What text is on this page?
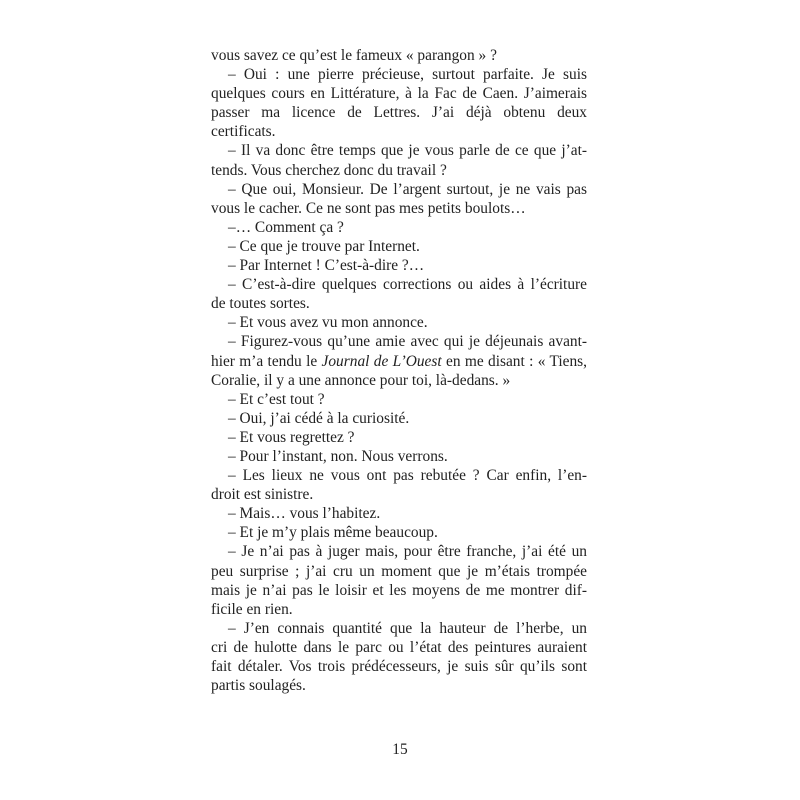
vous savez ce qu’est le fameux « parangon » ?
– Oui : une pierre précieuse, surtout parfaite. Je suis
quelques cours en Littérature, à la Fac de Caen. J’aimerais
passer ma licence de Lettres. J’ai déjà obtenu deux
certificats.
– Il va donc être temps que je vous parle de ce que j’at-
tends. Vous cherchez donc du travail ?
– Que oui, Monsieur. De l’argent surtout, je ne vais pas
vous le cacher. Ce ne sont pas mes petits boulots…
–… Comment ça ?
– Ce que je trouve par Internet.
– Par Internet ! C’est-à-dire ?…
– C’est-à-dire quelques corrections ou aides à l’écriture
de toutes sortes.
– Et vous avez vu mon annonce.
– Figurez-vous qu’une amie avec qui je déjeunais avant-
hier m’a tendu le Journal de L’Ouest en me disant : « Tiens,
Coralie, il y a une annonce pour toi, là-dedans. »
– Et c’est tout ?
– Oui, j’ai cédé à la curiosité.
– Et vous regrettez ?
– Pour l’instant, non. Nous verrons.
– Les lieux ne vous ont pas rebutée ? Car enfin, l’en-
droit est sinistre.
– Mais… vous l’habitez.
– Et je m’y plais même beaucoup.
– Je n’ai pas à juger mais, pour être franche, j’ai été un
peu surprise ; j’ai cru un moment que je m’étais trompée
mais je n’ai pas le loisir et les moyens de me montrer dif-
ficile en rien.
– J’en connais quantité que la hauteur de l’herbe, un
cri de hulotte dans le parc ou l’état des peintures auraient
fait détaler. Vos trois prédécesseurs, je suis sûr qu’ils sont
partis soulagés.
15
